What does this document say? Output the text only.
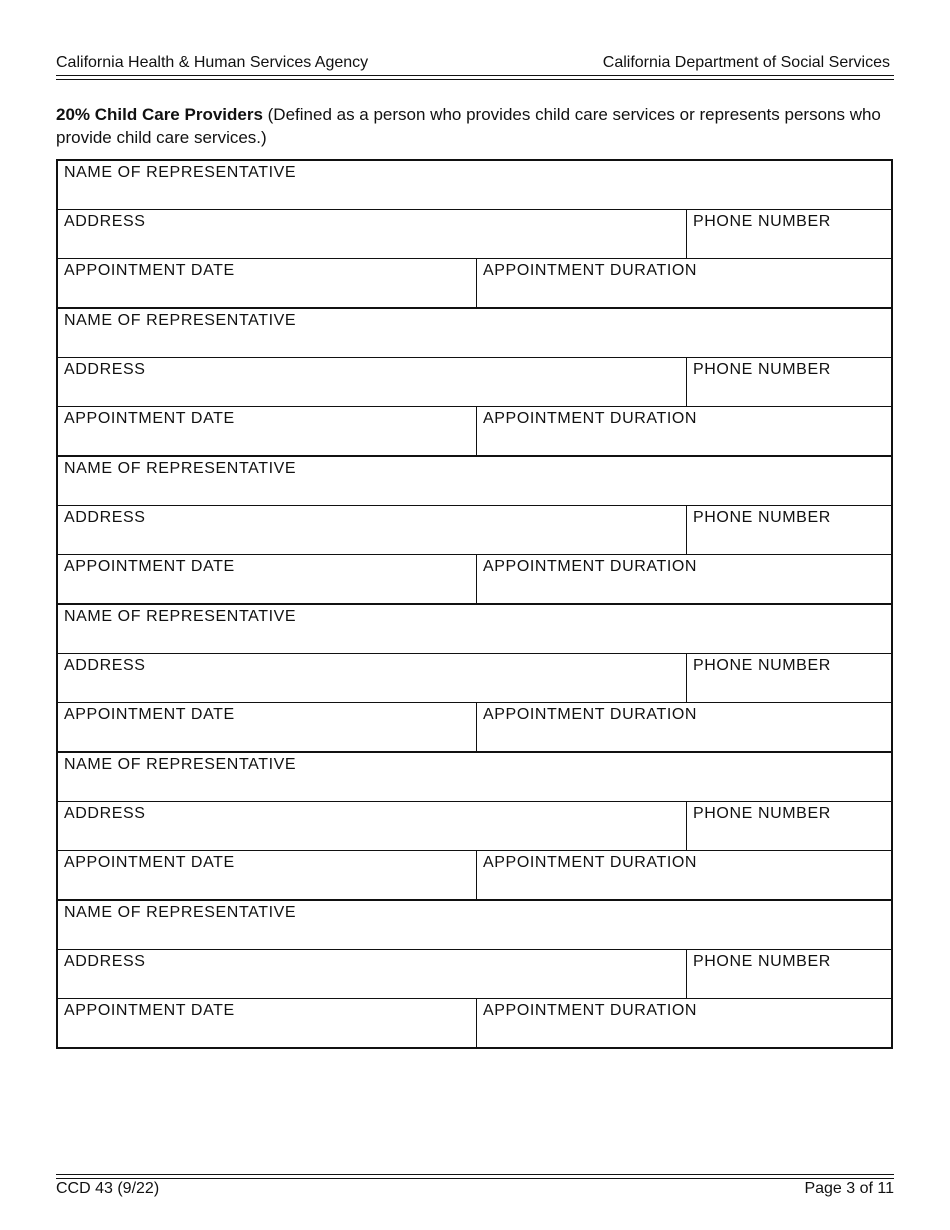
California Health & Human Services Agency	California Department of Social Services
20% Child Care Providers (Defined as a person who provides child care services or represents persons who provide child care services.)
NAME OF REPRESENTATIVE
ADDRESS	PHONE NUMBER
APPOINTMENT DATE	APPOINTMENT DURATION
NAME OF REPRESENTATIVE
ADDRESS	PHONE NUMBER
APPOINTMENT DATE	APPOINTMENT DURATION
NAME OF REPRESENTATIVE
ADDRESS	PHONE NUMBER
APPOINTMENT DATE	APPOINTMENT DURATION
NAME OF REPRESENTATIVE
ADDRESS	PHONE NUMBER
APPOINTMENT DATE	APPOINTMENT DURATION
NAME OF REPRESENTATIVE
ADDRESS	PHONE NUMBER
APPOINTMENT DATE	APPOINTMENT DURATION
NAME OF REPRESENTATIVE
ADDRESS	PHONE NUMBER
APPOINTMENT DATE	APPOINTMENT DURATION
CCD 43 (9/22)	Page 3 of 11
